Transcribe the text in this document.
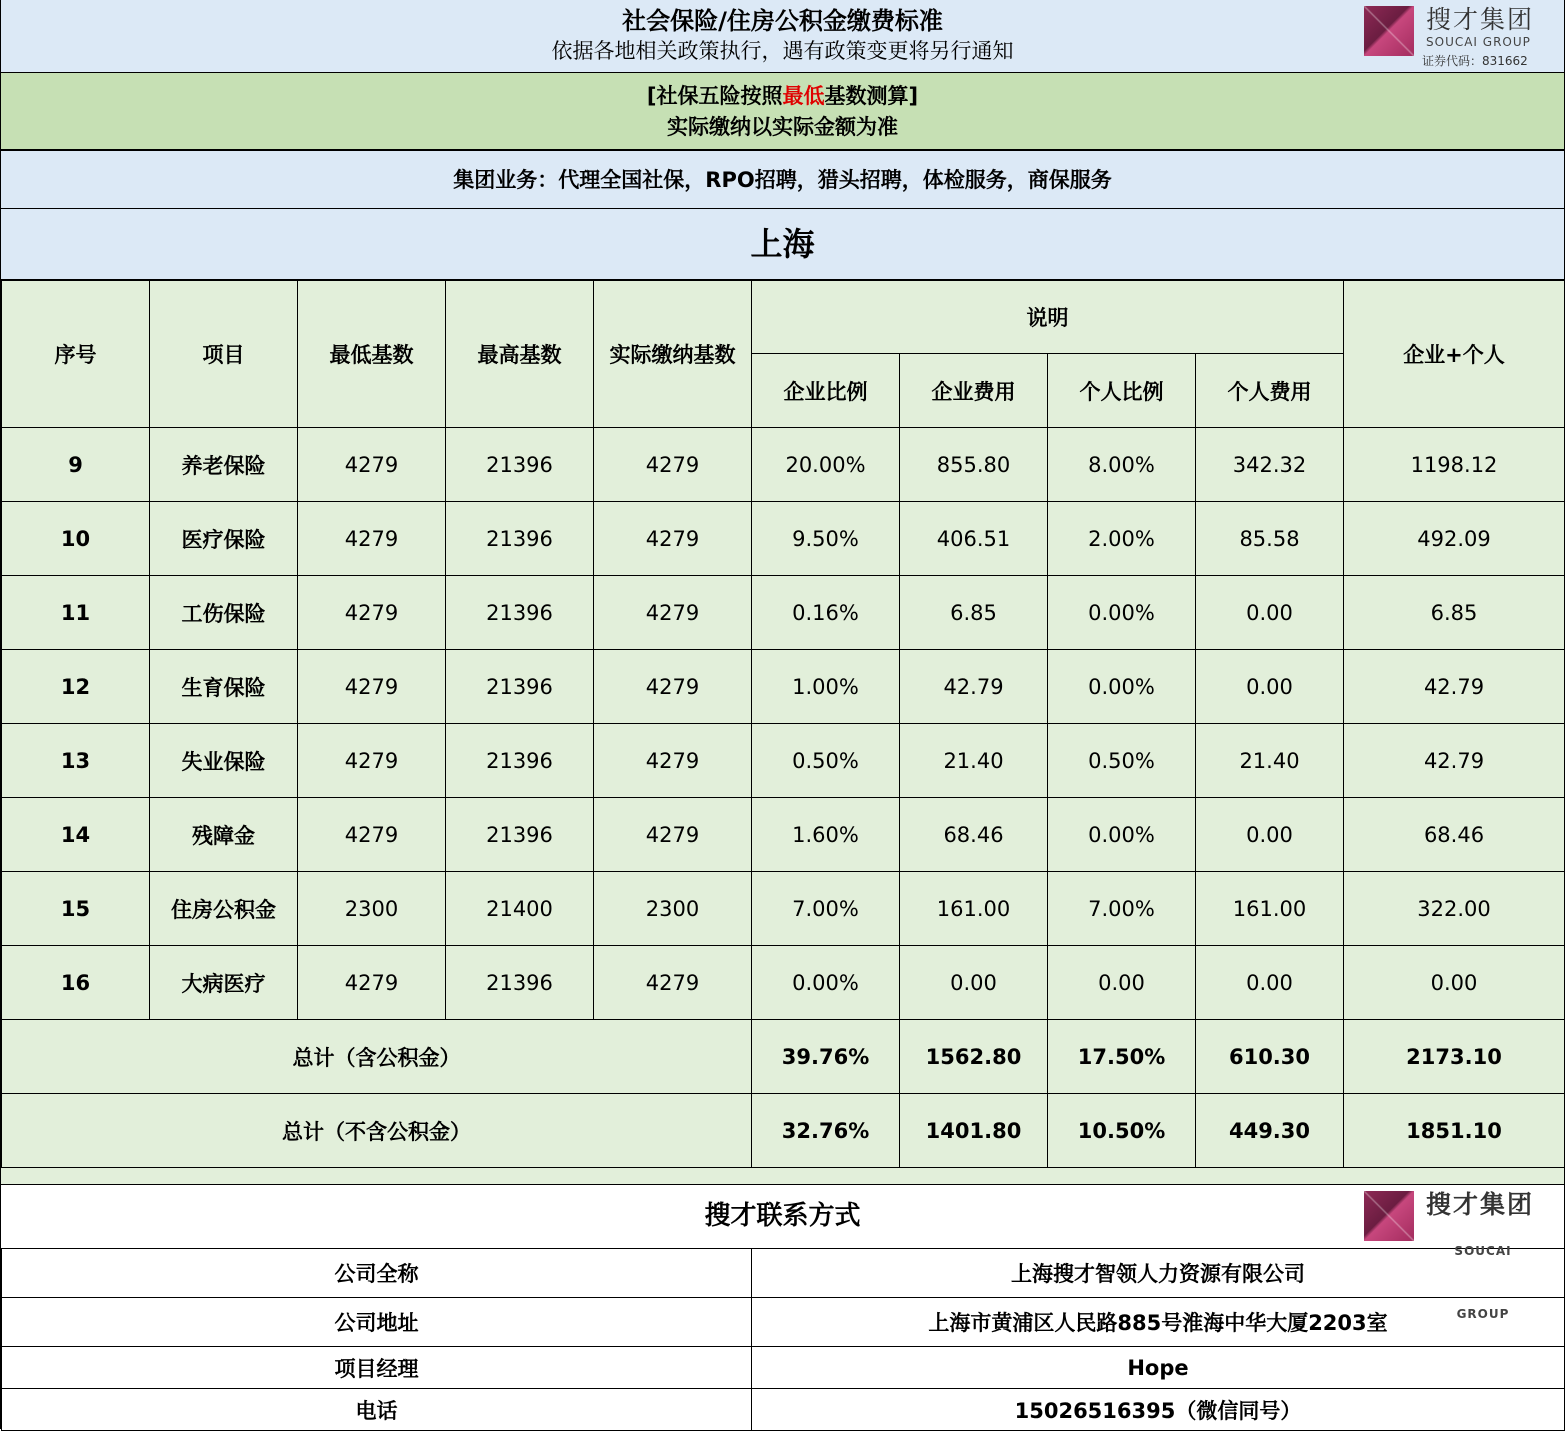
社会保险/住房公积金缴费标准
依据各地相关政策执行，遇有政策变更将另行通知
搜才集团
SOUCAI GROUP
证券代码：831662
[社保五险按照最低基数测算]
实际缴纳以实际金额为准
集团业务：代理全国社保，RPO招聘，猎头招聘，体检服务，商保服务
上海
序号	项目	最低基数	最高基数	实际缴纳基数	说明				企业+个人
					企业比例	企业费用	个人比例	个人费用	
9	养老保险	4279	21396	4279	20.00%	855.80	8.00%	342.32	1198.12
10	医疗保险	4279	21396	4279	9.50%	406.51	2.00%	85.58	492.09
11	工伤保险	4279	21396	4279	0.16%	6.85	0.00%	0.00	6.85
12	生育保险	4279	21396	4279	1.00%	42.79	0.00%	0.00	42.79
13	失业保险	4279	21396	4279	0.50%	21.40	0.50%	21.40	42.79
14	残障金	4279	21396	4279	1.60%	68.46	0.00%	0.00	68.46
15	住房公积金	2300	21400	2300	7.00%	161.00	7.00%	161.00	322.00
16	大病医疗	4279	21396	4279	0.00%	0.00	0.00	0.00	0.00
总计（含公积金）					39.76%	1562.80	17.50%	610.30	2173.10
总计（不含公积金）					32.76%	1401.80	10.50%	449.30	1851.10
搜才联系方式	搜才集团
SOUCAI GROUP
公司全称	上海搜才智领人力资源有限公司
公司地址	上海市黄浦区人民路885号淮海中华大厦2203室
项目经理	Hope
电话	15026516395（微信同号）
